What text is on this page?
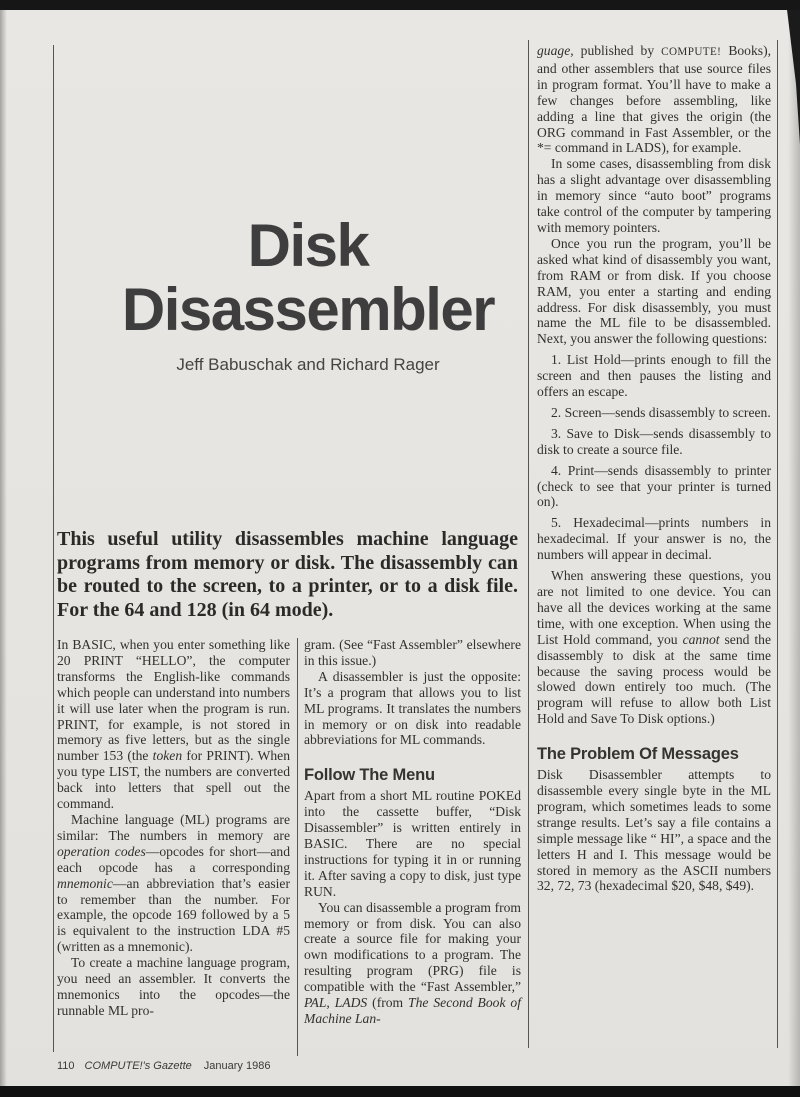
Disk
Disassembler
Jeff Babuschak and Richard Rager
This useful utility disassembles machine language programs from memory or disk. The disassembly can be routed to the screen, to a printer, or to a disk file. For the 64 and 128 (in 64 mode).

In BASIC, when you enter something like 20 PRINT “HELLO”, the computer transforms the English-like commands which people can understand into numbers it will use later when the program is run. PRINT, for example, is not stored in memory as five letters, but as the single number 153 (the token for PRINT). When you type LIST, the numbers are converted back into letters that spell out the command.

Machine language (ML) programs are similar: The numbers in memory are operation codes—opcodes for short—and each opcode has a corresponding mnemonic—an abbreviation that’s easier to remember than the number. For example, the opcode 169 followed by a 5 is equivalent to the instruction LDA #5 (written as a mnemonic).

To create a machine language program, you need an assembler. It converts the mnemonics into the opcodes—the runnable ML pro-

gram. (See “Fast Assembler” elsewhere in this issue.)

A disassembler is just the opposite: It’s a program that allows you to list ML programs. It translates the numbers in memory or on disk into readable abbreviations for ML commands.

Follow The Menu

Apart from a short ML routine POKEd into the cassette buffer, “Disk Disassembler” is written entirely in BASIC. There are no special instructions for typing it in or running it. After saving a copy to disk, just type RUN.

You can disassemble a program from memory or from disk. You can also create a source file for making your own modifications to a program. The resulting program (PRG) file is compatible with the “Fast Assembler,” PAL, LADS (from The Second Book of Machine Lan-

guage, published by COMPUTE! Books), and other assemblers that use source files in program format. You’ll have to make a few changes before assembling, like adding a line that gives the origin (the ORG command in Fast Assembler, or the *= command in LADS), for example.

In some cases, disassembling from disk has a slight advantage over disassembling in memory since “auto boot” programs take control of the computer by tampering with memory pointers.

Once you run the program, you’ll be asked what kind of disassembly you want, from RAM or from disk. If you choose RAM, you enter a starting and ending address. For disk disassembly, you must name the ML file to be disassembled. Next, you answer the following questions:

1. List Hold—prints enough to fill the screen and then pauses the listing and offers an escape.

2. Screen—sends disassembly to screen.

3. Save to Disk—sends disassembly to disk to create a source file.

4. Print—sends disassembly to printer (check to see that your printer is turned on).

5. Hexadecimal—prints numbers in hexadecimal. If your answer is no, the numbers will appear in decimal.

When answering these questions, you are not limited to one device. You can have all the devices working at the same time, with one exception. When using the List Hold command, you cannot send the disassembly to disk at the same time because the saving process would be slowed down entirely too much. (The program will refuse to allow both List Hold and Save To Disk options.)

The Problem Of Messages

Disk Disassembler attempts to disassemble every single byte in the ML program, which sometimes leads to some strange results. Let’s say a file contains a simple message like “ HI”, a space and the letters H and I. This message would be stored in memory as the ASCII numbers 32, 72, 73 (hexadecimal $20, $48, $49).

110 COMPUTE!'s Gazette January 1986
